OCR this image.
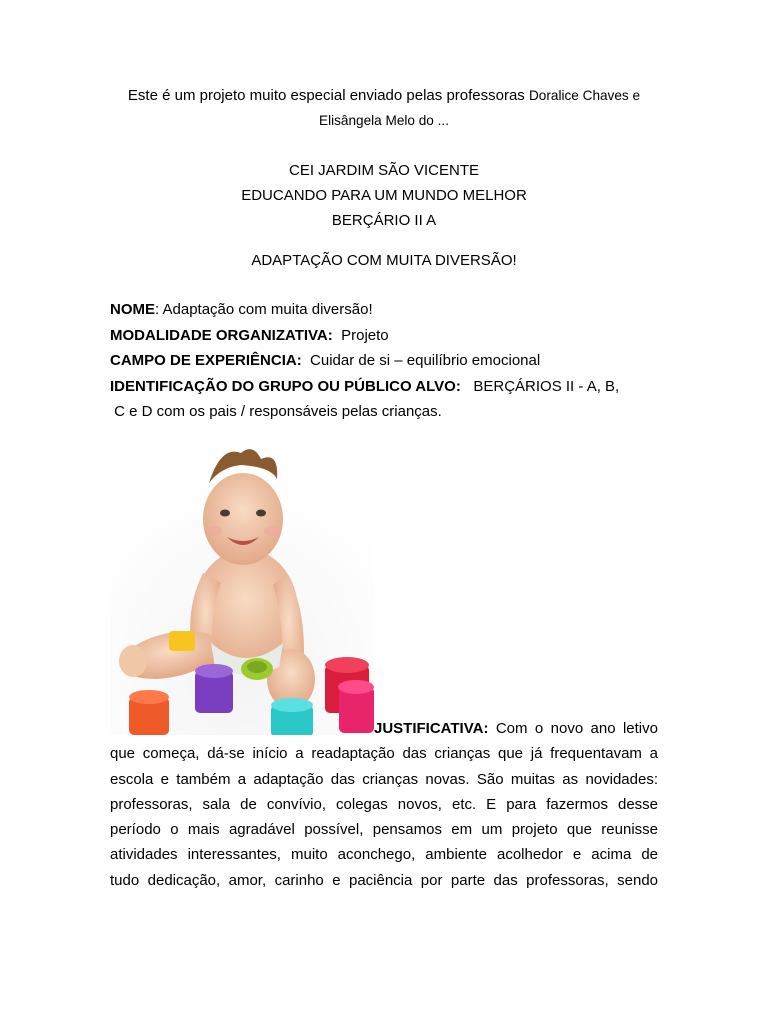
Este é um projeto muito especial enviado pelas professoras Doralice Chaves e
Elisângela Melo do ...
CEI JARDIM SÃO VICENTE
EDUCANDO PARA UM MUNDO MELHOR
BERÇÁRIO II A
ADAPTAÇÃO COM MUITA DIVERSÃO!
NOME: Adaptação com muita diversão!
MODALIDADE ORGANIZATIVA: Projeto
CAMPO DE EXPERIÊNCIA: Cuidar de si – equilíbrio emocional
IDENTIFICAÇÃO DO GRUPO OU PÚBLICO ALVO: BERÇÁRIOS II - A, B,
C e D com os pais / responsáveis pelas crianças.
JUSTIFICATIVA: Com o novo ano letivo
que começa, dá-se início a readaptação das crianças que já frequentavam a
escola e também a adaptação das crianças novas. São muitas as novidades:
professoras, sala de convívio, colegas novos, etc. E para fazermos desse
período o mais agradável possível, pensamos em um projeto que reunisse
atividades interessantes, muito aconchego, ambiente acolhedor e acima de
tudo dedicação, amor, carinho e paciência por parte das professoras, sendo
